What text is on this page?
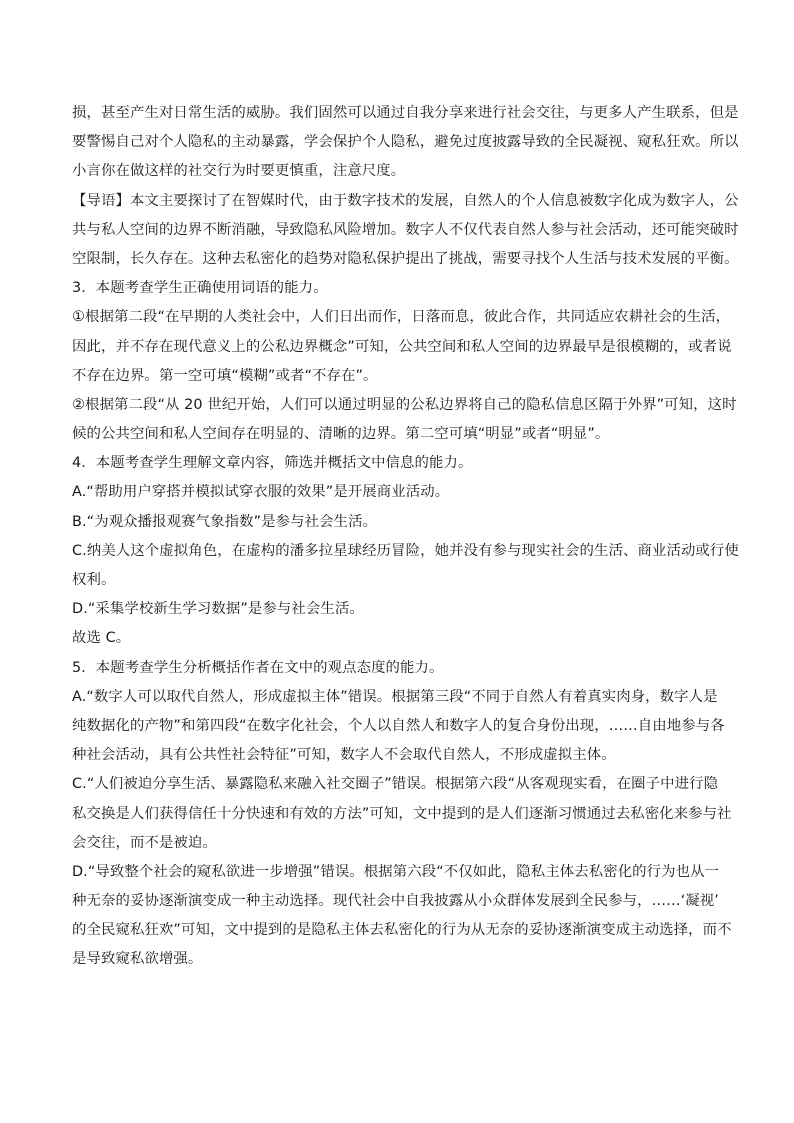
损，甚至产生对日常生活的威胁。我们固然可以通过自我分享来进行社会交往，与更多人产生联系，但是
要警惕自己对个人隐私的主动暴露，学会保护个人隐私，避免过度披露导致的全民凝视、窥私狂欢。所以
小言你在做这样的社交行为时要更慎重，注意尺度。
【导语】本文主要探讨了在智媒时代，由于数字技术的发展，自然人的个人信息被数字化成为数字人，公
共与私人空间的边界不断消融，导致隐私风险增加。数字人不仅代表自然人参与社会活动，还可能突破时
空限制，长久存在。这种去私密化的趋势对隐私保护提出了挑战，需要寻找个人生活与技术发展的平衡。
3．本题考查学生正确使用词语的能力。
①根据第二段“在早期的人类社会中，人们日出而作，日落而息，彼此合作，共同适应农耕社会的生活，
因此，并不存在现代意义上的公私边界概念”可知，公共空间和私人空间的边界最早是很模糊的，或者说
不存在边界。第一空可填“模糊”或者“不存在”。
②根据第二段“从 20 世纪开始，人们可以通过明显的公私边界将自己的隐私信息区隔于外界”可知，这时
候的公共空间和私人空间存在明显的、清晰的边界。第二空可填“明显”或者“明显”。
4．本题考查学生理解文章内容，筛选并概括文中信息的能力。
A.“帮助用户穿搭并模拟试穿衣服的效果”是开展商业活动。
B.“为观众播报观赛气象指数”是参与社会生活。
C.纳美人这个虚拟角色，在虚构的潘多拉星球经历冒险，她并没有参与现实社会的生活、商业活动或行使
权利。
D.“采集学校新生学习数据”是参与社会生活。
故选 C。
5．本题考查学生分析概括作者在文中的观点态度的能力。
A.“数字人可以取代自然人，形成虚拟主体”错误。根据第三段“不同于自然人有着真实肉身，数字人是
纯数据化的产物”和第四段“在数字化社会，个人以自然人和数字人的复合身份出现，……自由地参与各
种社会活动，具有公共性社会特征”可知，数字人不会取代自然人，不形成虚拟主体。
C.“人们被迫分享生活、暴露隐私来融入社交圈子”错误。根据第六段“从客观现实看，在圈子中进行隐
私交换是人们获得信任十分快速和有效的方法”可知，文中提到的是人们逐渐习惯通过去私密化来参与社
会交往，而不是被迫。
D.“导致整个社会的窥私欲进一步增强”错误。根据第六段“不仅如此，隐私主体去私密化的行为也从一
种无奈的妥协逐渐演变成一种主动选择。现代社会中自我披露从小众群体发展到全民参与，……‘凝视’
的全民窥私狂欢”可知，文中提到的是隐私主体去私密化的行为从无奈的妥协逐渐演变成主动选择，而不
是导致窥私欲增强。
